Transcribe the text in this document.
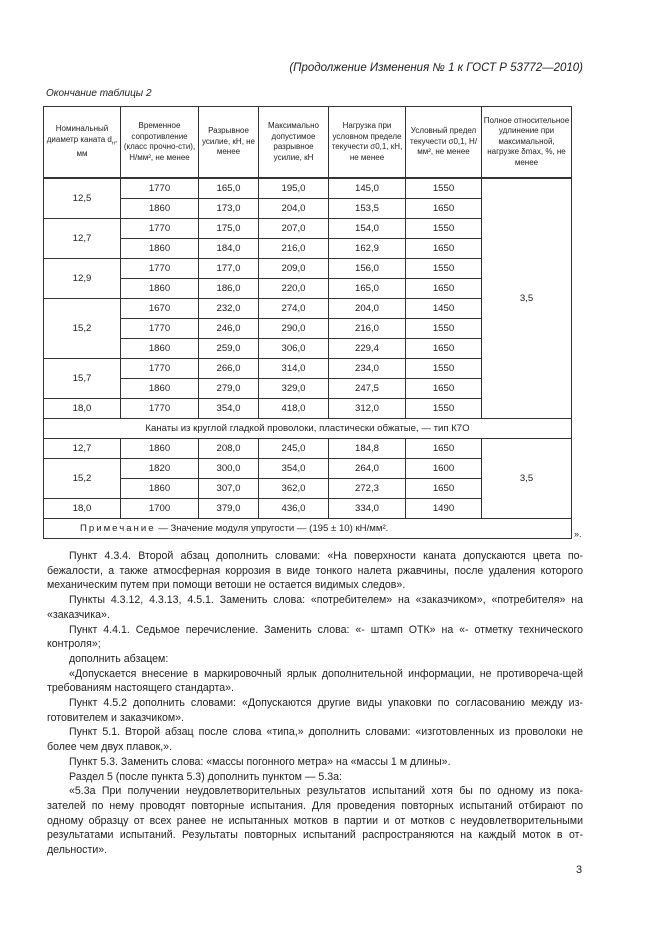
(Продолжение Изменения № 1 к ГОСТ Р 53772—2010)
Окончание таблицы 2
Номинальный диаметр каната $d_н$, мм	Временное сопротивление (класс прочно-сти), Н/мм², не менее	Разрывное усилие, кН, не менее	Максимально допустимое разрывное усилие, кН	Нагрузка при условном пределе текучести σ0,1, кН, не менее	Условный предел текучести σ0,1, Н/мм², не менее	Полное относительное удлинение при максимальной, нагрузке δmax, %, не менее
12,5	1770	165,0	195,0	145,0	1550	3,5
	1860	173,0	204,0	153,5	1650	
12,7	1770	175,0	207,0	154,0	1550	
	1860	184,0	216,0	162,9	1650	
12,9	1770	177,0	209,0	156,0	1550	
	1860	186,0	220,0	165,0	1650	
15,2	1670	232,0	274,0	204,0	1450	
	1770	246,0	290,0	216,0	1550	
	1860	259,0	306,0	229,4	1650	
15,7	1770	266,0	314,0	234,0	1550	
	1860	279,0	329,0	247,5	1650	
18,0	1770	354,0	418,0	312,0	1550	
Канаты из круглой гладкой проволоки, пластически обжатые, — тип К7О						
12,7	1860	208,0	245,0	184,8	1650	3,5
15,2	1820	300,0	354,0	264,0	1600	
	1860	307,0	362,0	272,3	1650	
18,0	1700	379,0	436,0	334,0	1490	
Примечание — Значение модуля упругости — (195 ± 10) кН/мм².							».

Пункт 4.3.4. Второй абзац дополнить словами: «На поверхности каната допускаются цвета по-бежалости, а также атмосферная коррозия в виде тонкого налета ржавчины, после удаления которого механическим путем при помощи ветоши не остается видимых следов».

Пункты 4.3.12, 4.3.13, 4.5.1. Заменить слова: «потребителем» на «заказчиком», «потребителя» на «заказчика».

Пункт 4.4.1. Седьмое перечисление. Заменить слова: «- штамп ОТК» на «- отметку технического контроля»;

дополнить абзацем:

«Допускается внесение в маркировочный ярлык дополнительной информации, не противореча-щей требованиям настоящего стандарта».

Пункт 4.5.2 дополнить словами: «Допускаются другие виды упаковки по согласованию между из-готовителем и заказчиком».

Пункт 5.1. Второй абзац после слова «типа,» дополнить словами: «изготовленных из проволоки не более чем двух плавок,».

Пункт 5.3. Заменить слова: «массы погонного метра» на «массы 1 м длины».

Раздел 5 (после пункта 5.3) дополнить пунктом — 5.3а:

«5.3а При получении неудовлетворительных результатов испытаний хотя бы по одному из пока-зателей по нему проводят повторные испытания. Для проведения повторных испытаний отбирают по одному образцу от всех ранее не испытанных мотков в партии и от мотков с неудовлетворительными результатами испытаний. Результаты повторных испытаний распространяются на каждый моток в от-дельности».

3
